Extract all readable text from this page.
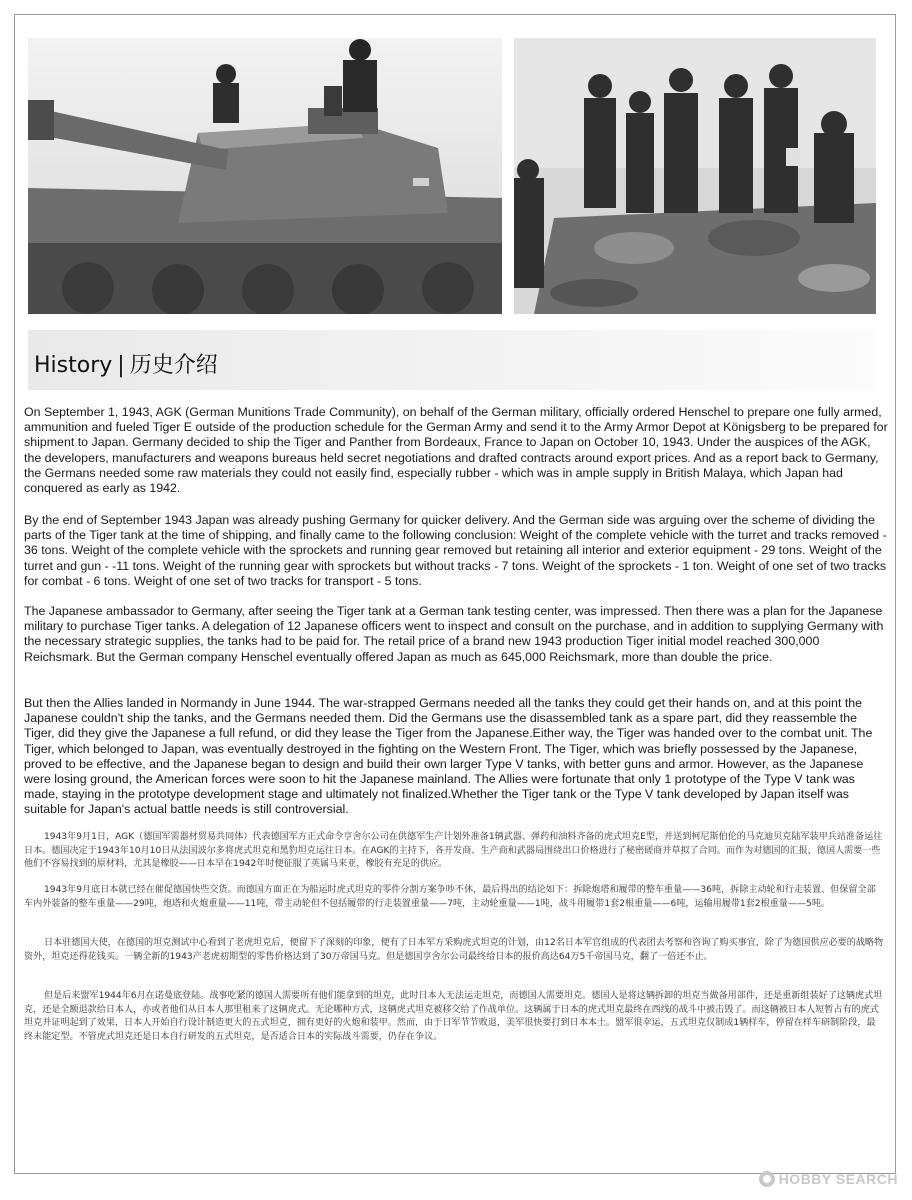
History | 历史介绍

On September 1, 1943, AGK (German Munitions Trade Community), on behalf of the German military, officially ordered Henschel to prepare one fully armed, ammunition and fueled Tiger E outside of the production schedule for the German Army and send it to the Army Armor Depot at Königsberg to be prepared for shipment to Japan. Germany decided to ship the Tiger and Panther from Bordeaux, France to Japan on October 10, 1943. Under the auspices of the AGK, the developers, manufacturers and weapons bureaus held secret negotiations and drafted contracts around export prices. And as a report back to Germany, the Germans needed some raw materials they could not easily find, especially rubber - which was in ample supply in British Malaya, which Japan had conquered as early as 1942.

By the end of September 1943 Japan was already pushing Germany for quicker delivery. And the German side was arguing over the scheme of dividing the parts of the Tiger tank at the time of shipping, and finally came to the following conclusion: Weight of the complete vehicle with the turret and tracks removed - 36 tons. Weight of the complete vehicle with the sprockets and running gear removed but retaining all interior and exterior equipment - 29 tons. Weight of the turret and gun - -11 tons. Weight of the running gear with sprockets but without tracks - 7 tons. Weight of the sprockets - 1 ton. Weight of one set of two tracks for combat - 6 tons. Weight of one set of two tracks for transport - 5 tons.

The Japanese ambassador to Germany, after seeing the Tiger tank at a German tank testing center, was impressed. Then there was a plan for the Japanese military to purchase Tiger tanks. A delegation of 12 Japanese officers went to inspect and consult on the purchase, and in addition to supplying Germany with the necessary strategic supplies, the tanks had to be paid for. The retail price of a brand new 1943 production Tiger initial model reached 300,000 Reichsmark. But the German company Henschel eventually offered Japan as much as 645,000 Reichsmark, more than double the price.

But then the Allies landed in Normandy in June 1944. The war-strapped Germans needed all the tanks they could get their hands on, and at this point the Japanese couldn't ship the tanks, and the Germans needed them. Did the Germans use the disassembled tank as a spare part, did they reassemble the Tiger, did they give the Japanese a full refund, or did they lease the Tiger from the Japanese.Either way, the Tiger was handed over to the combat unit. The Tiger, which belonged to Japan, was eventually destroyed in the fighting on the Western Front. The Tiger, which was briefly possessed by the Japanese, proved to be effective, and the Japanese began to design and build their own larger Type V tanks, with better guns and armor. However, as the Japanese were losing ground, the American forces were soon to hit the Japanese mainland. The Allies were fortunate that only 1 prototype of the Type V tank was made, staying in the prototype development stage and ultimately not finalized.Whether the Tiger tank or the Type V tank developed by Japan itself was suitable for Japan's actual battle needs is still controversial.

1943年9月1日，AGK（德国军需器材贸易共同体）代表德国军方正式命令亨舍尔公司在供德军生产计划外准备1辆武器、弹药和油料齐备的虎式坦克E型，并送到柯尼斯伯伦的马克迪贝克陆军装甲兵站准备运往日本。德国决定于1943年10月10日从法国波尔多将虎式坦克和黑豹坦克运往日本。在AGK的主持下，各开发商、生产商和武器局围绕出口价格进行了秘密磋商并草拟了合同。而作为对德国的汇报，德国人需要一些他们不容易找到的原材料，尤其是橡胶——日本早在1942年时便征服了英属马来亚，橡胶有充足的供应。

1943年9月底日本就已经在催促德国快些交货。而德国方面正在为船运时虎式坦克的零件分割方案争吵不休，最后得出的结论如下：拆除炮塔和履带的整车重量——36吨，拆除主动轮和行走装置、但保留全部车内外装备的整车重量——29吨，炮塔和火炮重量——11吨，带主动轮但不包括履带的行走装置重量——7吨，主动轮重量——1吨，战斗用履带1套2根重量——6吨，运输用履带1套2根重量——5吨。

日本驻德国大使，在德国的坦克测试中心看到了老虎坦克后，便留下了深刻的印象，便有了日本军方采购虎式坦克的计划，由12名日本军官组成的代表团去考察和咨询了购买事宜，除了为德国供应必要的战略物资外，坦克还得花钱买。一辆全新的1943产老虎初期型的零售价格达到了30万帝国马克。但是德国亨舍尔公司最终给日本的报价高达64万5千帝国马克，翻了一倍还不止。

但是后来盟军1944年6月在诺曼底登陆。战事吃紧的德国人需要所有他们能拿到的坦克，此时日本人无法运走坦克，而德国人需要坦克。德国人是将这辆拆卸的坦克当做备用部件，还是重新组装好了这辆虎式坦克，还是全额退款给日本人，亦或者他们从日本人那里租来了这辆虎式。无论哪种方式，这辆虎式坦克被移交给了作战单位。这辆属于日本的虎式坦克最终在西线的战斗中被击毁了。而这辆被日本人短暂占有的虎式坦克并证明起到了效果，日本人开始自行设计制造更大的五式坦克，拥有更好的火炮和装甲。然而，由于日军节节败退，美军很快要打到日本本土。盟军很幸运，五式坦克仅制成1辆样车，停留在样车研制阶段，最终未能定型。不管虎式坦克还是日本自行研发的五式坦克，是否适合日本的实际战斗需要，仍存在争议。

HOBBY SEARCH
